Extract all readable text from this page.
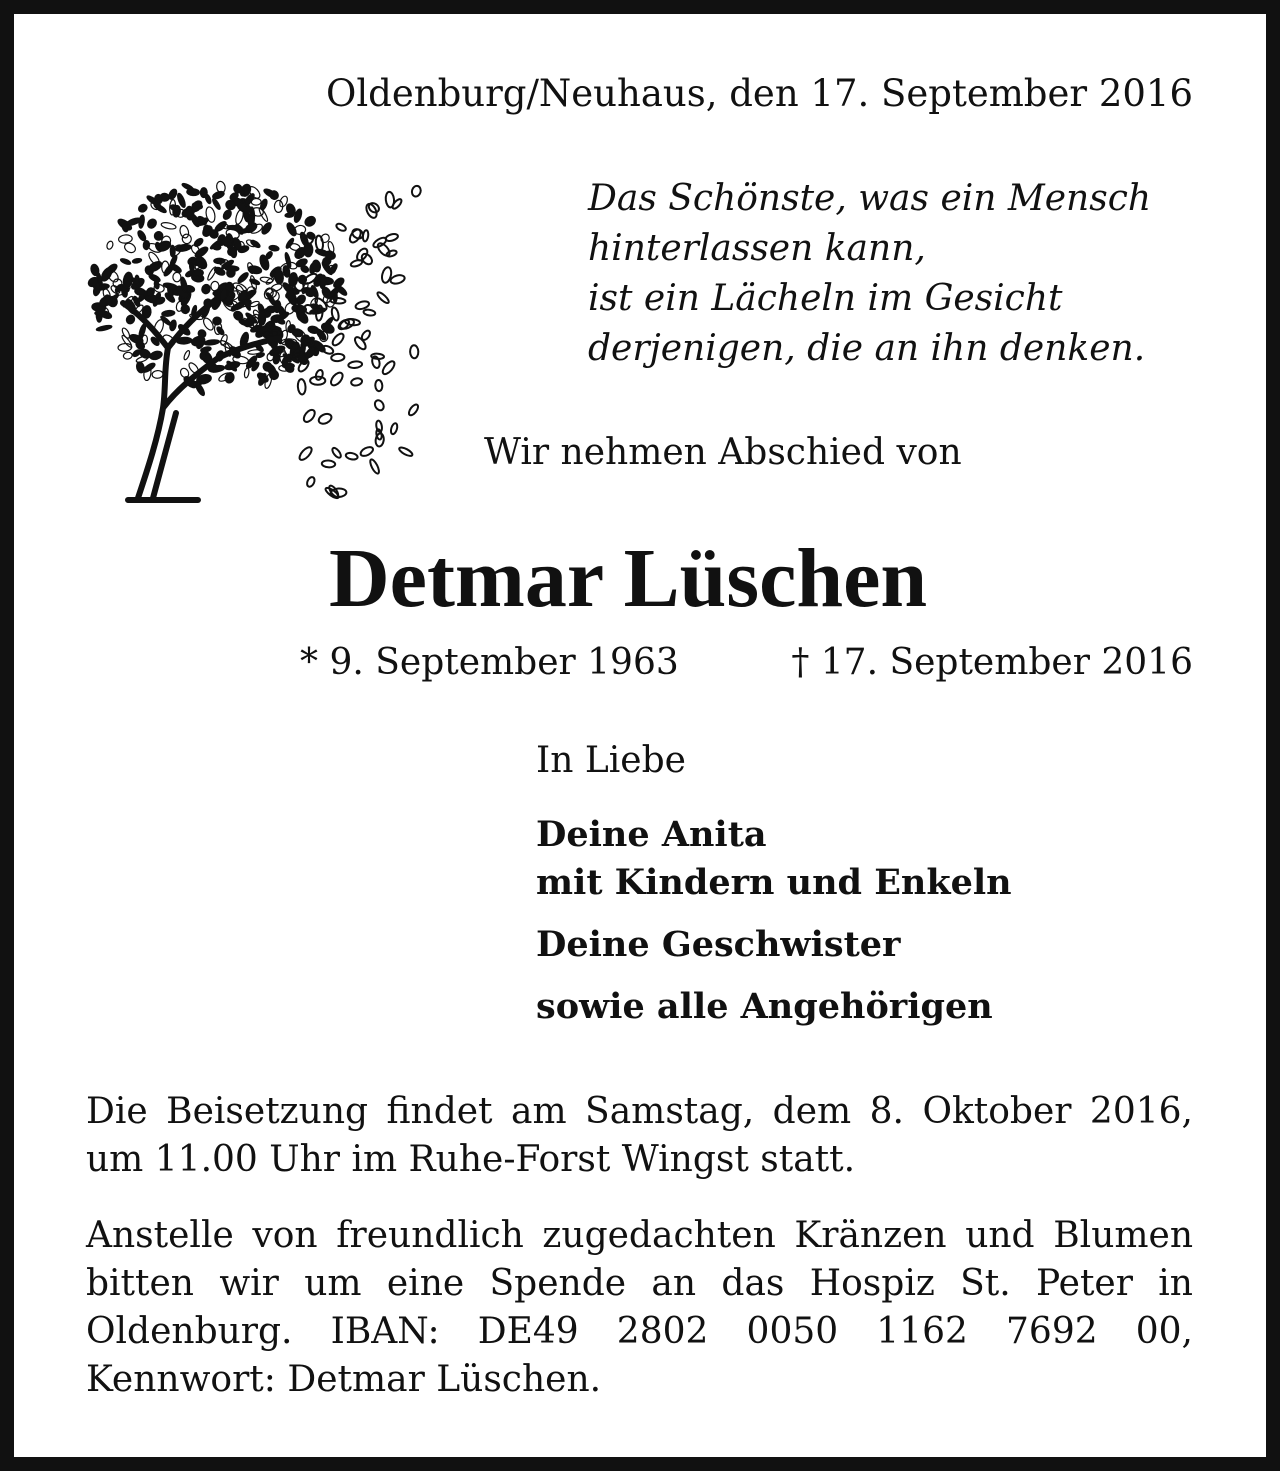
Oldenburg/Neuhaus, den 17. September 2016
Das Schönste, was ein Mensch
hinterlassen kann,
ist ein Lächeln im Gesicht
derjenigen, die an ihn denken.
Wir nehmen Abschied von
Detmar Lüschen
* 9. September 1963	† 17. September 2016
In Liebe
Deine Anita
mit Kindern und Enkeln
Deine Geschwister
sowie alle Angehörigen
Die Beisetzung findet am Samstag, dem 8. Oktober 2016, um 11.00 Uhr im Ruhe-Forst Wingst statt.
Anstelle von freundlich zugedachten Kränzen und Blumen bitten wir um eine Spende an das Hospiz St. Peter in Oldenburg. IBAN: DE49 2802 0050 1162 7692 00, Kennwort: Detmar Lüschen.
